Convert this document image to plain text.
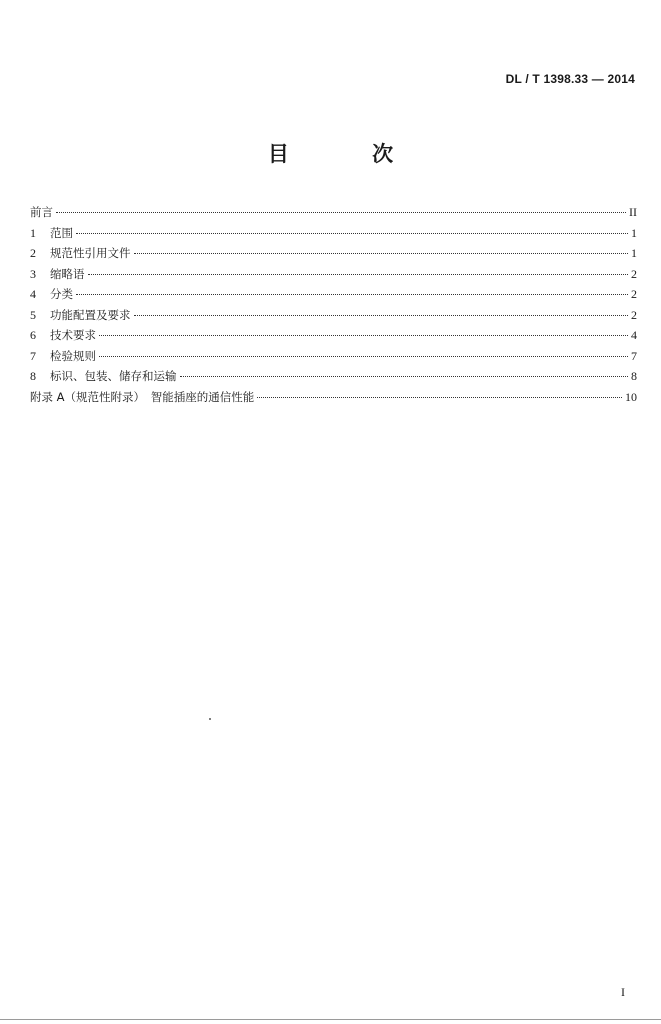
DL / T 1398.33 — 2014
目 次
前言	II
1	范围	1
2	规范性引用文件	1
3	缩略语	2
4	分类	2
5	功能配置及要求	2
6	技术要求	4
7	检验规则	7
8	标识、包装、储存和运输	8
附录 A（规范性附录）　智能插座的通信性能	10
I
